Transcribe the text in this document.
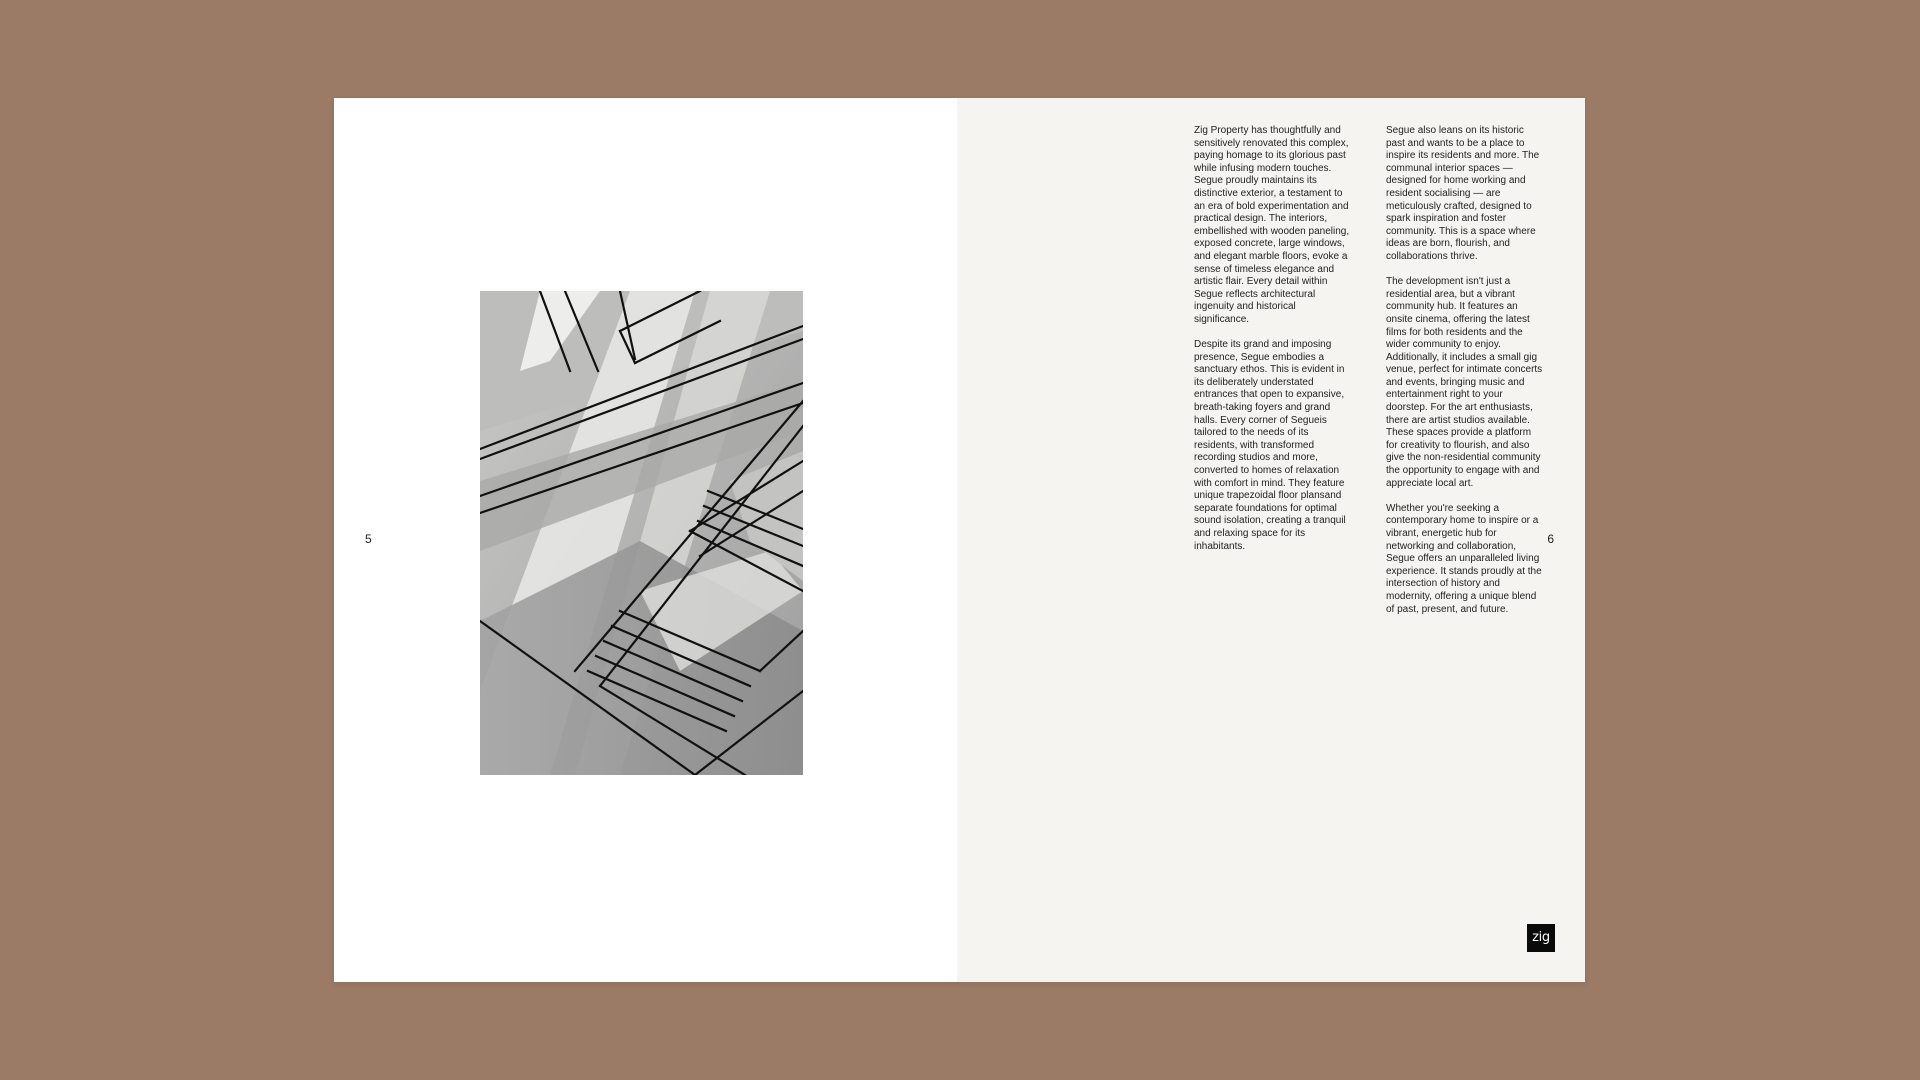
5

Zig Property has thoughtfully and sensitively renovated this complex, paying homage to its glorious past while infusing modern touches. Segue proudly maintains its distinctive exterior, a testament to an era of bold experimentation and practical design. The interiors, embellished with wooden paneling, exposed concrete, large windows, and elegant marble floors, evoke a sense of timeless elegance and artistic flair. Every detail within Segue reflects architectural ingenuity and historical significance.

Despite its grand and imposing presence, Segue embodies a sanctuary ethos. This is evident in its deliberately understated entrances that open to expansive, breath-taking foyers and grand halls. Every corner of Segueis tailored to the needs of its residents, with transformed recording studios and more, converted to homes of relaxation with comfort in mind. They feature unique trapezoidal floor plansand separate foundations for optimal sound isolation, creating a tranquil and relaxing space for its inhabitants.

Segue also leans on its historic past and wants to be a place to inspire its residents and more. The communal interior spaces — designed for home working and resident socialising — are meticulously crafted, designed to spark inspiration and foster community. This is a space where ideas are born, flourish, and collaborations thrive.

The development isn't just a residential area, but a vibrant community hub. It features an onsite cinema, offering the latest films for both residents and the wider community to enjoy. Additionally, it includes a small gig venue, perfect for intimate concerts and events, bringing music and entertainment right to your doorstep. For the art enthusiasts, there are artist studios available. These spaces provide a platform for creativity to flourish, and also give the non-residential community the opportunity to engage with and appreciate local art.

Whether you're seeking a contemporary home to inspire or a vibrant, energetic hub for networking and collaboration, Segue offers an unparalleled living experience. It stands proudly at the intersection of history and modernity, offering a unique blend of past, present, and future.

6
zig
